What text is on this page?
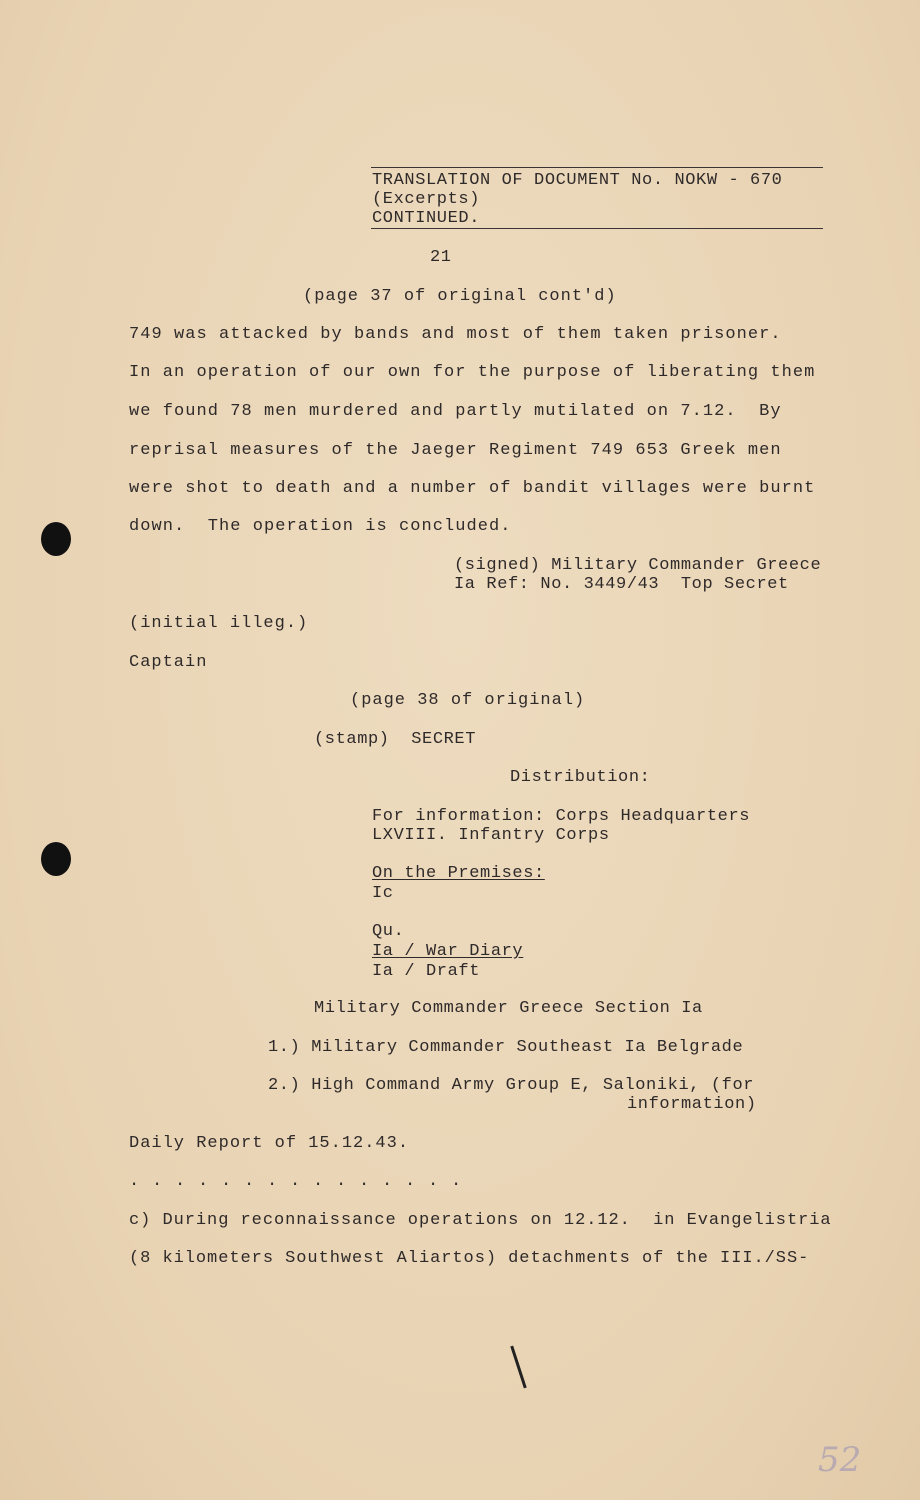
TRANSLATION OF DOCUMENT No. NOKW - 670
(Excerpts)
CONTINUED.
21
(page 37 of original cont'd)
749 was attacked by bands and most of them taken prisoner.
In an operation of our own for the purpose of liberating them
we found 78 men murdered and partly mutilated on 7.12.  By
reprisal measures of the Jaeger Regiment 749 653 Greek men
were shot to death and a number of bandit villages were burnt
down.  The operation is concluded.
(signed) Military Commander Greece
Ia Ref: No. 3449/43  Top Secret
(initial illeg.)
Captain
(page 38 of original)
(stamp)  SECRET
Distribution:
For information: Corps Headquarters
LXVIII. Infantry Corps
On the Premises:
Ic
Qu.
Ia / War Diary
Ia / Draft
Military Commander Greece Section Ia
1.) Military Commander Southeast Ia Belgrade
2.) High Command Army Group E, Saloniki, (for
information)
Daily Report of 15.12.43.
. . . . . . . . . . . . . . .
c) During reconnaissance operations on 12.12.  in Evangelistria
(8 kilometers Southwest Aliartos) detachments of the III./SS-
52
